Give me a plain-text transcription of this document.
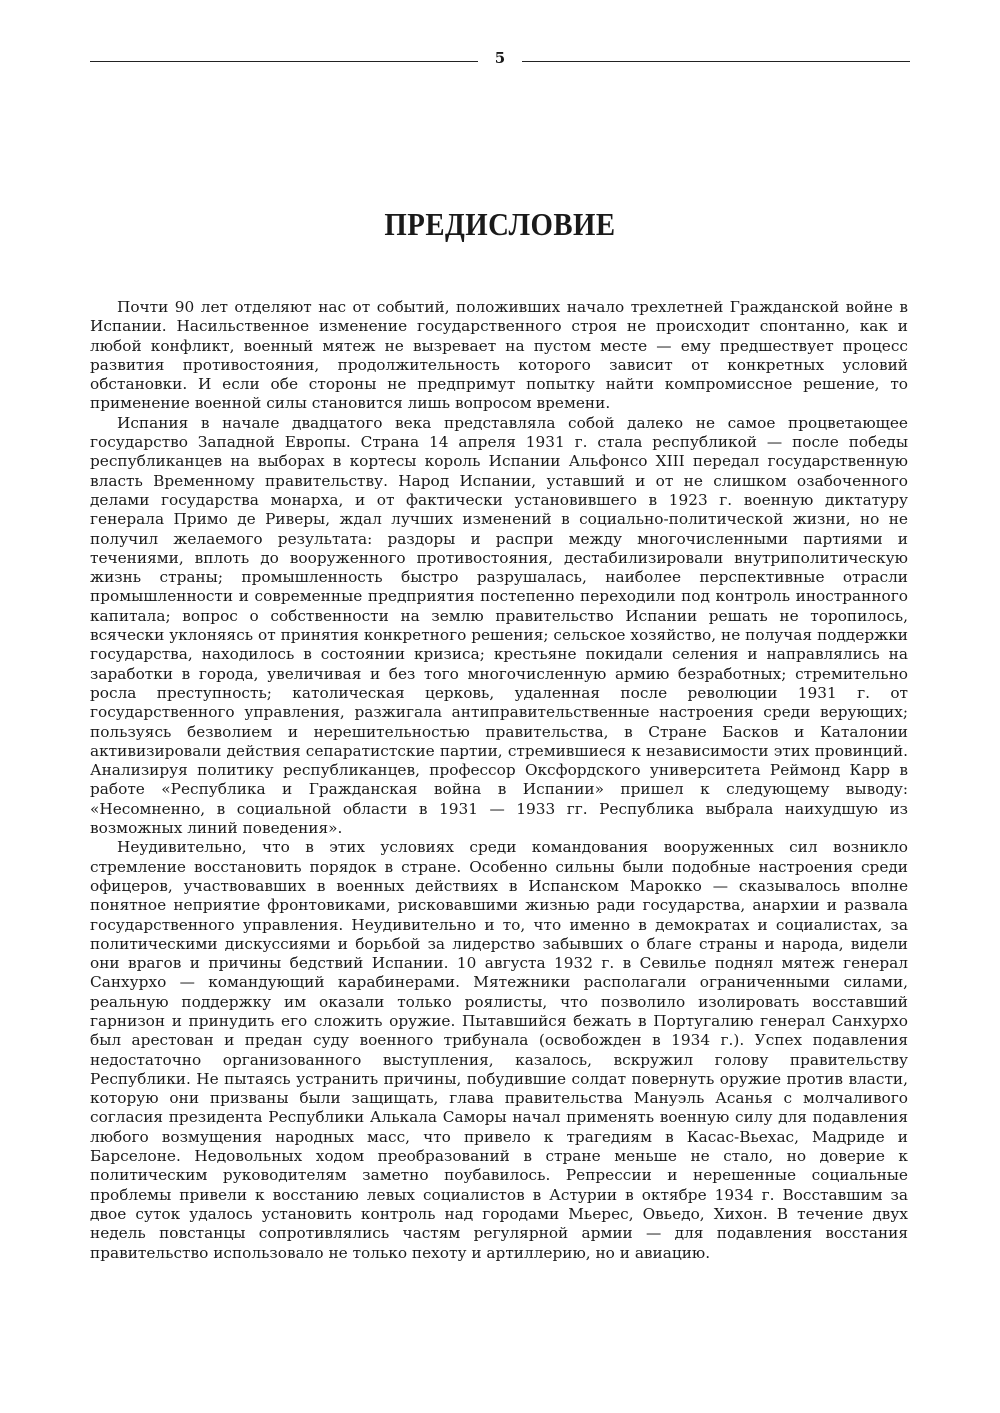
5
ПРЕДИСЛОВИЕ

Почти 90 лет отделяют нас от событий, положивших начало трехлетней Гражданской войне в Испании. Насильственное изменение государственного строя не происходит спонтанно, как и любой конфликт, военный мятеж не вызревает на пустом месте — ему предшествует процесс развития противостояния, продолжительность которого зависит от конкретных условий обстановки. И если обе стороны не предпримут попытку найти компромиссное решение, то применение военной силы становится лишь вопросом времени.

Испания в начале двадцатого века представляла собой далеко не самое процветающее государство Западной Европы. Страна 14 апреля 1931 г. стала республикой — после победы республиканцев на выборах в кортесы король Испании Альфонсо XIII передал государственную власть Временному правительству. Народ Испании, уставший и от не слишком озабоченного делами государства монарха, и от фактически установившего в 1923 г. военную диктатуру генерала Примо де Риверы, ждал лучших изменений в социально-политической жизни, но не получил желаемого результата: раздоры и распри между многочисленными партиями и течениями, вплоть до вооруженного противостояния, дестабилизировали внутриполитическую жизнь страны; промышленность быстро разрушалась, наиболее перспективные отрасли промышленности и современные предприятия постепенно переходили под контроль иностранного капитала; вопрос о собственности на землю правительство Испании решать не торопилось, всячески уклоняясь от принятия конкретного решения; сельское хозяйство, не получая поддержки государства, находилось в состоянии кризиса; крестьяне покидали селения и направлялись на заработки в города, увеличивая и без того многочисленную армию безработных; стремительно росла преступность; католическая церковь, удаленная после революции 1931 г. от государственного управления, разжигала антиправительственные настроения среди верующих; пользуясь безволием и нерешительностью правительства, в Стране Басков и Каталонии активизировали действия сепаратистские партии, стремившиеся к независимости этих провинций. Анализируя политику республиканцев, профессор Оксфордского университета Реймонд Карр в работе «Республика и Гражданская война в Испании» пришел к следующему выводу: «Несомненно, в социальной области в 1931 — 1933 гг. Республика выбрала наихудшую из возможных линий поведения».

Неудивительно, что в этих условиях среди командования вооруженных сил возникло стремление восстановить порядок в стране. Особенно сильны были подобные настроения среди офицеров, участвовавших в военных действиях в Испанском Марокко — сказывалось вполне понятное неприятие фронтовиками, рисковавшими жизнью ради государства, анархии и развала государственного управления. Неудивительно и то, что именно в демократах и социалистах, за политическими дискуссиями и борьбой за лидерство забывших о благе страны и народа, видели они врагов и причины бедствий Испании. 10 августа 1932 г. в Севилье поднял мятеж генерал Санхурхо — командующий карабинерами. Мятежники располагали ограниченными силами, реальную поддержку им оказали только роялисты, что позволило изолировать восставший гарнизон и принудить его сложить оружие. Пытавшийся бежать в Португалию генерал Санхурхо был арестован и предан суду военного трибунала (освобожден в 1934 г.). Успех подавления недостаточно организованного выступления, казалось, вскружил голову правительству Республики. Не пытаясь устранить причины, побудившие солдат повернуть оружие против власти, которую они призваны были защищать, глава правительства Мануэль Асанья с молчаливого согласия президента Республики Алькала Саморы начал применять военную силу для подавления любого возмущения народных масс, что привело к трагедиям в Касас-Вьехас, Мадриде и Барселоне. Недовольных ходом преобразований в стране меньше не стало, но доверие к политическим руководителям заметно поубавилось. Репрессии и нерешенные социальные проблемы привели к восстанию левых социалистов в Астурии в октябре 1934 г. Восставшим за двое суток удалось установить контроль над городами Мьерес, Овьедо, Хихон. В течение двух недель повстанцы сопротивлялись частям регулярной армии — для подавления восстания правительство использовало не только пехоту и артиллерию, но и авиацию.
